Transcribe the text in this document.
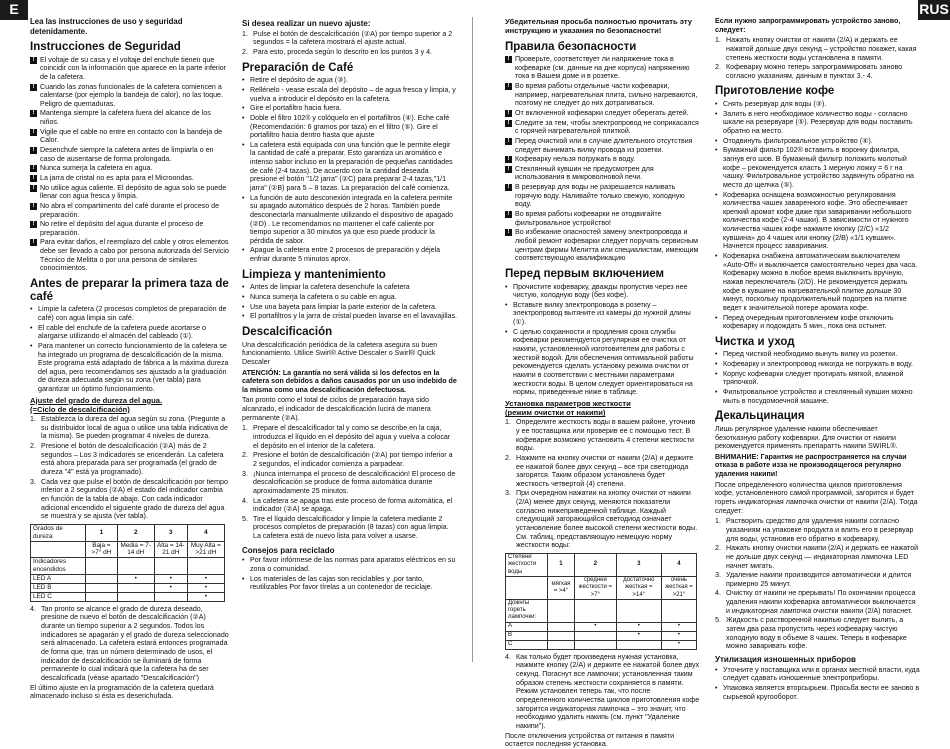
E	RUS

Lea las instrucciones de uso y seguridad detenidamente.

Instrucciones de Seguridad
! El voltaje de su casa y el voltaje del enchufe tienen que coincidir con la información que aparece en la parte inferior de la cafetera.
! Cuando las zonas funcionales de la cafetera comiencen a calentarse (por ejemplo la bandeja de calor), no las toque. Peligro de quemaduras.
! Mantenga siempre la cafetera fuera del alcance de los niños.
! Vigile que el cable no entre en contacto con la bandeja de Calor.
! Desenchufe siempre la cafetera antes de limpiarla o en caso de ausentarse de forma prolongada.
! Nunca sumerja la cafetera en agua.
! La jarra de cristal no es apta para el Microondas.
! No utilice agua caliente. El depósito de agua solo se puede llenar con agua fresca y limpia.
! No abra el compartimento del café durante el proceso de preparación.
! No retire el depósito del agua durante el proceso de preparación.
! Para evitar daños, el reemplazo del cable y otros elementos debe ser llevado a cabo por persona autorizada del Servicio Técnico de Melitta o por una persona de similares conocimientos.
Antes de preparar la primera taza de café
• Limpie la cafetera (2 procesos completos de preparación de café) con agua limpia sin café.
• El cable del enchufe de la cafetera puede acortarse o alargarse utilizando el almacén del cableado (①).
• Para mantener un correcto funcionamiento de la cafetera se ha integrado un programa de descalcificación de la misma. Este programa está adaptado de fábrica a la máxima dureza del agua, pero recomendamos ses ajustado a la graduación de dureza adecuada según su zona (ver tabla) para garantizar un óptimo funcionamiento.
Ajuste del grado de dureza del agua.
(=Ciclo de descalcificación)
1. Establezca la dureza del agua según su zona. (Pregunte a su distribuidor local de agua o utilice una tabla indicativa de la misma). Se pueden programar 4 niveles de dureza.
2. Presione el botón de descalcificación (②A) más de 2 segundos – Los 3 indicadores se encenderán. La cafetera está ahora preparada para ser programada (el grado de dureza "4" está ya programado).
3. Cada vez que pulse el botón de descalcificación por tiempo inferior a 2 segundos (②A) el estado del indicador cambia en función de la tabla de abajo. Con cada indicador adicional encendido el siguiente grado de dureza del agua se muestra y se ajusta (ver tabla).
Grados de dureza	1	2	3	4
	Baja = >7° dH	Media = 7-14 dH	Alta = 14-21 dH	Muy Alta = >21 dH
Indicadores encendidos				
LED A		•	•	•
LED B			•	•
LED C				•
4. Tan pronto se alcance el grado de dureza deseado, presione de nuevo el botón de descalcificación (②A) durante un tiempo superior a 2 segundos. Todos los indicadores se apagarán y el grado de dureza seleccionado será almacenado. La cafetera estará entonces programada de forma que, tras un número determinado de usos, el indicador de descalcificación se iluminará de forma permanente lo cual indicará que la cafetera ha de ser descalcificada (véase apartado "Descalcificación")

El último ajuste en la programación de la cafetera quedará almacenado incluso si ésta es desenchufada.

Si desea realizar un nuevo ajuste:
1. Pulse el botón de descalcificación (②A) por tiempo superior a 2 segundos = la cafetera mostrará el ajuste actual.
2. Para esto, proceda según lo descrito en los puntos 3 y 4.
Preparación de Café
• Retire el depósito de agua (③).
• Rellénelo - vease escala del depósito – de agua fresca y limpia, y vuelva a introducir el depósito en la cafetera.
• Gire el portafiltro hacia fuera.
• Doble el filtro 102® y colóquelo en el portafiltros (④). Eche café (Recomendación: 6 gramos por taza) en el filtro (⑤). Gire el portafiltro hacia dentro hasta que ajuste
• La cafetera está equipada con una función que le permite elegir la cantidad de café a preparar. Esto garantiza un aromático e intenso sabor incluso en la preparación de pequeñas cantidades de café (2-4 tazas). De acuerdo con la cantidad deseada presione el botón "1/2 jarra" (②C) para preparar 2-4 tazas,"1/1 jarra" (②B) para 5 – 8 tazas. La preparación del café comienza.
• La función de auto desconexión integrada en la cafetera permite su apagado automático después de 2 horas. También puede desconectarla manualmente utilizando el dispositivo de apagado (②D) . Le recomendamos no mantener el café caliente por tiempo superior a 30 minutos ya que eso puede producir la pérdida de sabor.
• Apague la cafetera entre 2 procesos de preparación y déjela enfriar durante 5 minutos aprox.
Limpieza y mantenimiento
• Antes de limpiar la cafetera desenchufe la cafetera
• Nunca sumerja la cafetera o su cable en agua.
• Use una bayeta para limpiar la parte exterior de la cafetera.
• El portafiltros y la jarra de cristal pueden lavarse en el lavavajillas.
Descalcificación

Una descalcificación periódica de la cafetera asegura su buen funcionamiento. Utilice Swirl® Active Descaler o Swirl® Quick Descaler

ATENCIÓN: La garantía no será válida si los defectos en la cafetera son debidos a daños causados por un uso indebido de la misma como una descalcificación defectuosa.

Tan pronto como el total de ciclos de preparación haya sido alcanzado, el indicador de descalcificación lucirá de manera permanente (②A).

1. Prepare el descalcificador tal y como se describe en la caja, introduzca el líquido en el depósito del agua y vuelva a colocar el depósito en el interior de la cafetera.
2. Presione el botón de descalcificación (②A) por tiempo inferior a 2 segundos, el indicador comienza a parpadear.
3. ¡Nunca interrumpa el proceso de descalcificación! El proceso de descalcificación se produce de forma automática durante aproximadamente 25 minutos.
4. La cafetera se apaga tras este proceso de forma automática, el indicador (②A) se apaga.
5. Tire el líquido descalcificador y limpie la cafetera mediante 2 procesos completos de preparación (8 tazas) con agua limpia. La cafetera está de nuevo lista para volver a usarse.
Consejos para reciclado
• Por favor infórmese de las normas para aparatos eléctricos en su zona o comunidad.
• Los materiales de las cajas son reciclables y ,por tanto, reutilizables Por favor tírelas a un contenedor de reciclaje.

Убедительная просьба полностью прочитать эту инструкцию и указания по безопасности!

Правила безопасности
! Проверьте, соответствует ли напряжение тока в кофеварке (см. данные на дне корпуса) напряжению тока в Вашем доме и в розетке.
! Во время работы отдельные части кофеварки, например, нагревательная плита, сильно нагреваются, поэтому не следует до них дотрагиваться.
! От включенной кофеварки следует оберегать детей.
! Следите за тем, чтобы электропровод не соприкасался с горячей нагревательной плиткой.
! Перед очисткой или в случае длительного отсутствия следует вынимать вилку провода из розетки.
! Кофеварку нельзя погружать в воду.
! Стеклянный кувшин не предусмотрен для использования в микроволновой печи.
! В резервуар для воды не разрешается наливать горячую воду. Наливайте только свежую, холодную воду.
! Во время работы кофеварки не отодвигайте фильтровальное устройство!
! Во избежание опасностей замену электропровода и любой ремонт кофеварки следует поручать сервисным центрам фирмы Мелитта или специалистам, имеющим соответствующую квалификацию
Перед первым включением
• Прочистите кофеварку, дважды пропустив через нее чистую, холодную воду (без кофе).
• Вставьте вилку электропровода в розетку – электропровод вытяните из камеры до нужной длины (①).
• С целью сохранности и продления срока службы кофеварки рекомендуется регулярная ее очистка от накипи, установленной изготовителем для работы с жесткой водой. Для обеспечения оптимальной работы рекомендуется сделать установку режима очистки от накипи в соответствии с местными параметрами жесткости воды. В целом следует ориентироваться на нормы, приведенные ниже в таблице.
Установка параметров жесткости
(режим очистки от накипи)
1. Определите жесткость воды в вашем районе, уточнив у ее поставщика или проверив ее с помощью тест. В кофеварке возможно установить 4 степени жесткости воды.
2. Нажмите на кнопку очистки от накипи (2/A) и держите ее нажатой более двух секунд – все три светодиода загорятся. Таким образом установлена будет жесткость четвертой (4) степени.
3. При очередном нажатии на кнопку очистки от накипи (2/A) менее двух секунд, меняются показатели согласно нижеприведенной таблице. Каждый следующий загорающийся светодиод означает установление более высокой степени жесткости воды. См. таблиц, представляющую немецкую норму жесткости воды:
Степени жесткости воды	1	2	3	4
	мягкая = >4°	средней жесткости = >7°	достаточно жесткая = >14°	очень жесткая = >21°
Дожнгы гореть лампочки:				
A		•	•	•
B			•	•
C				•
4. Как только будет произведена нужная установка, нажмите кнопку (2/A) и держите ее нажатой более двух секунд. Погаснут все лампочки; установленная таким образом степень жесткости сохраняется в памяти. Режим установлен теперь так, что после определенного количества циклов приготовления кофе загорится индикаторная лампочка – это значит, что необходимо удалить накипь (см. пункт "Удаление накипи").

После отключения устройства от питания в памяти остается последняя установка.

Если нужно запрограммировать устройство заново, следует:

1. Нажать кнопку очистки от накипи (2/A) и держать ее нажатой дольше двух секунд – устройство покажет, какая степень жесткости воды установлена в памяти.
2. Кофеварку можно теперь запрограммировать заново согласно указаниям, данным в пунктах 3.- 4.
Приготовление кофе
• Снять резервуар для воды (③).
• Залить в него необходимое количество воды - согласно шкале на резервуаре (⑤). Резервуар для воды поставить обратно на место.
• Отодвинуть фильтровальное устройство (④).
• Бумажный фильтр 102® вставить в воронку фильтра, загнув его шов. В бумажный фильтр положить молотый кофе – рекомендуется класть 1 мерную ложку = 6 г на чашку. Фильтровальное устройство задвинуть обратно на место до щелчка (⑤).
• Кофеварка оснащена возможностью регулирования количества чашек заваренного кофе. Это обеспечивает крепкий аромат кофе даже при заваривании небольшого количества кофе (2-4 чашки). В зависимости от нужного количества чашек кофе нажмите кнопку (2/C) «1/2 кувшина» до 4 чашек или кнопку (2/B) «1/1 кувшин». Начнется процесс заваривания.
• Кофеварка снабжена автоматическим выключателем «Auto-Off» и выключается самостоятельно через два часа. Кофеварку можно в любое время выключить вручную, нажав переключатель (2/D). Не рекомендуется держать кофе в кувшине на нагревательной плитке дольше 30 минут, поскольку продолжительный подогрев на плитке ведет к значительной потере аромата кофе.
• Перед очередным приготовлением кофе отключить кофеварку и подождать 5 мин., пока она остынет.
Чистка и уход
• Перед чисткой необходимо вынуть вилку из розетки.
• Кофеварку и электропровод никогда не погружать в воду.
• Корпус кофеварки следует протирать мягкой, влажной тряпочкой.
• Фильтровальное устройство и стеклянный кувшин можно мыть в посудомоечной машине.
Декальцинация

Лишь регулярное удаление накипи обеспечивает безотказную работу кофеварки. Для очистки от накипи рекомендуется применять препаратть накипи SWIRL®.

ВНИМАНИЕ: Гарантия не распространяется на случаи отказа в работе изза не производящегося регулярно удаления накипи!

После определенного количества циклов приготовления кофе, установленного самой программой, загорится и будет гореть индикаторная лампочка очистки от накипи (2/A). Тогда следует:

1. Растворить средство для удаления накипи согласно указаниям на упаковке продукта и влить его в резервуар для воды, установив его обратно в кофеварку.
2. Нажать кнопку очистки накипи (2/A) и держать ее нажатой не дольше двух секунд — индикаторная лампочка LED начнет мигать.
3. Удаление накипи производится автоматически и длится примерно 25 минут.
4. Очистку от накипи не прерывать! По окончании процесса удаления накипи кофеварка автоматически выключается и индикаторная лампочка очистки накипи (2/A) погаснет.
5. Жидкость с растворенной накипью следует вылить, а затем два раза пропустить через кофеварку чистую холодную воду в объеме 8 чашек. Теперь в кофеварке можно заваривать кофе.
Утилизация изношенных приборов
• Уточните у поставщика или в органах местной власти, куда следует сдавать изношенные электроприборы.
• Упаковка является вторсырьем. Просьба вести ее заново в сырьевой кругооборот.
